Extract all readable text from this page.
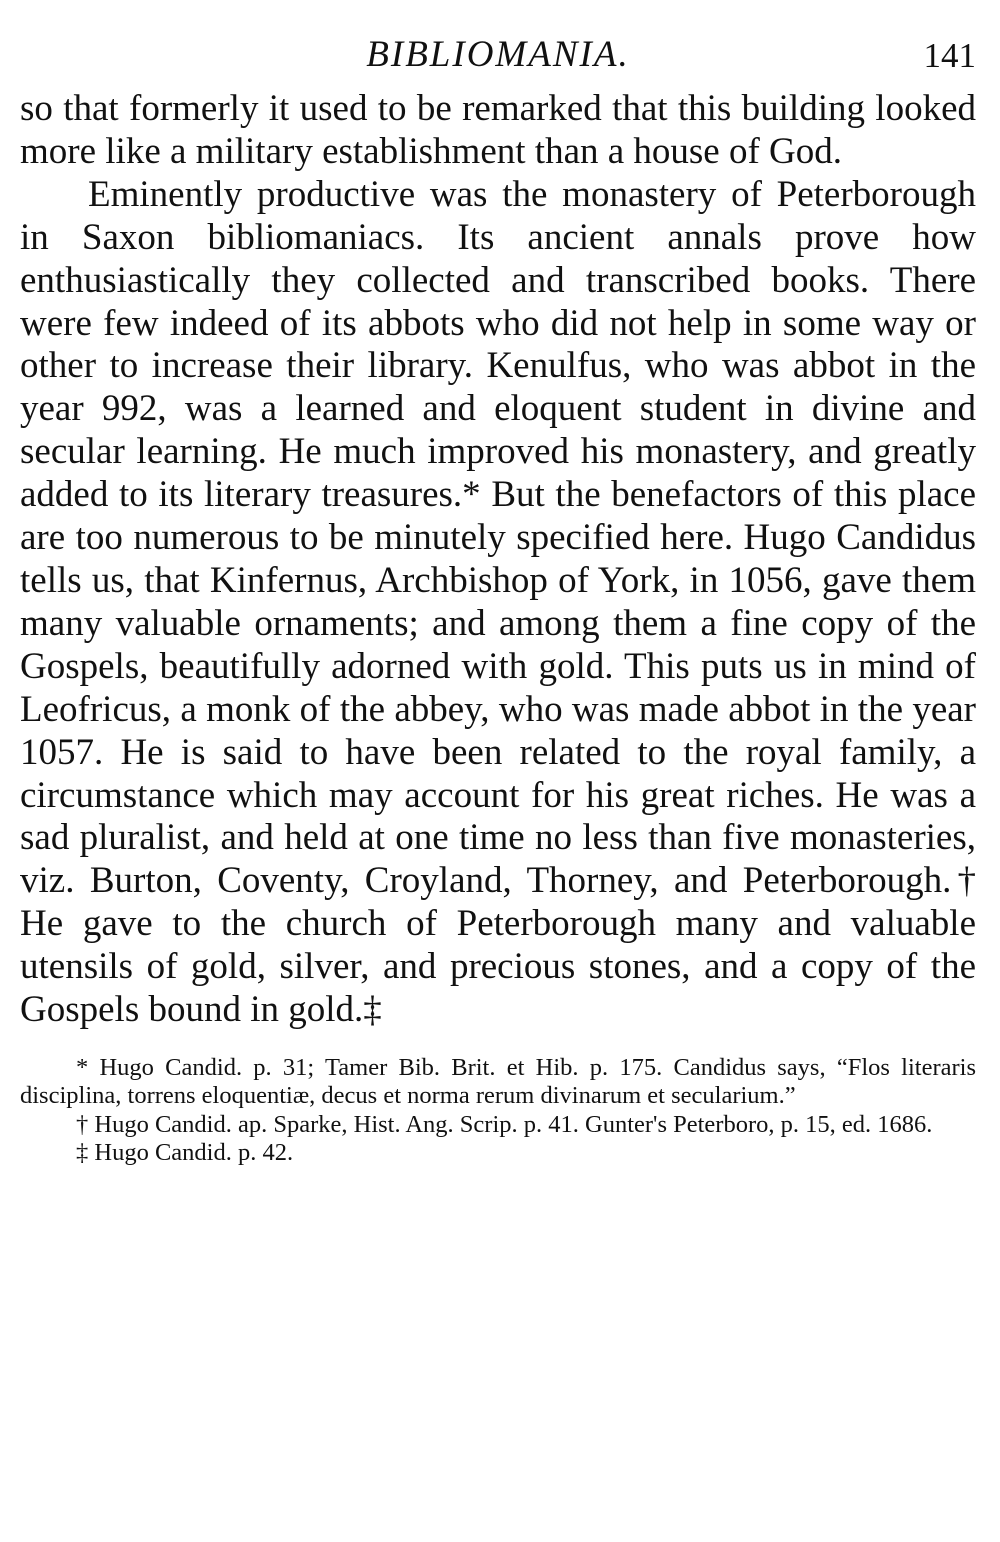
BIBLIOMANIA.	141

so that formerly it used to be remarked that this building looked more like a military establishment than a house of God.

Eminently productive was the monastery of Peterborough in Saxon bibliomaniacs. Its ancient annals prove how enthusiastically they collected and transcribed books. There were few indeed of its abbots who did not help in some way or other to increase their library. Kenulfus, who was abbot in the year 992, was a learned and eloquent student in divine and secular learning. He much improved his monastery, and greatly added to its literary treasures.* But the benefactors of this place are too numerous to be minutely specified here. Hugo Candidus tells us, that Kinfernus, Archbishop of York, in 1056, gave them many valuable ornaments; and among them a fine copy of the Gospels, beautifully adorned with gold. This puts us in mind of Leofricus, a monk of the abbey, who was made abbot in the year 1057. He is said to have been related to the royal family, a circumstance which may account for his great riches. He was a sad pluralist, and held at one time no less than five monasteries, viz. Burton, Coventy, Croyland, Thorney, and Peterborough.† He gave to the church of Peterborough many and valuable utensils of gold, silver, and precious stones, and a copy of the Gospels bound in gold.‡

* Hugo Candid. p. 31; Tamer Bib. Brit. et Hib. p. 175. Candidus says, “Flos literaris disciplina, torrens eloquentiæ, decus et norma rerum divinarum et secularium.”

† Hugo Candid. ap. Sparke, Hist. Ang. Scrip. p. 41. Gunter's Peterboro, p. 15, ed. 1686.

‡ Hugo Candid. p. 42.
